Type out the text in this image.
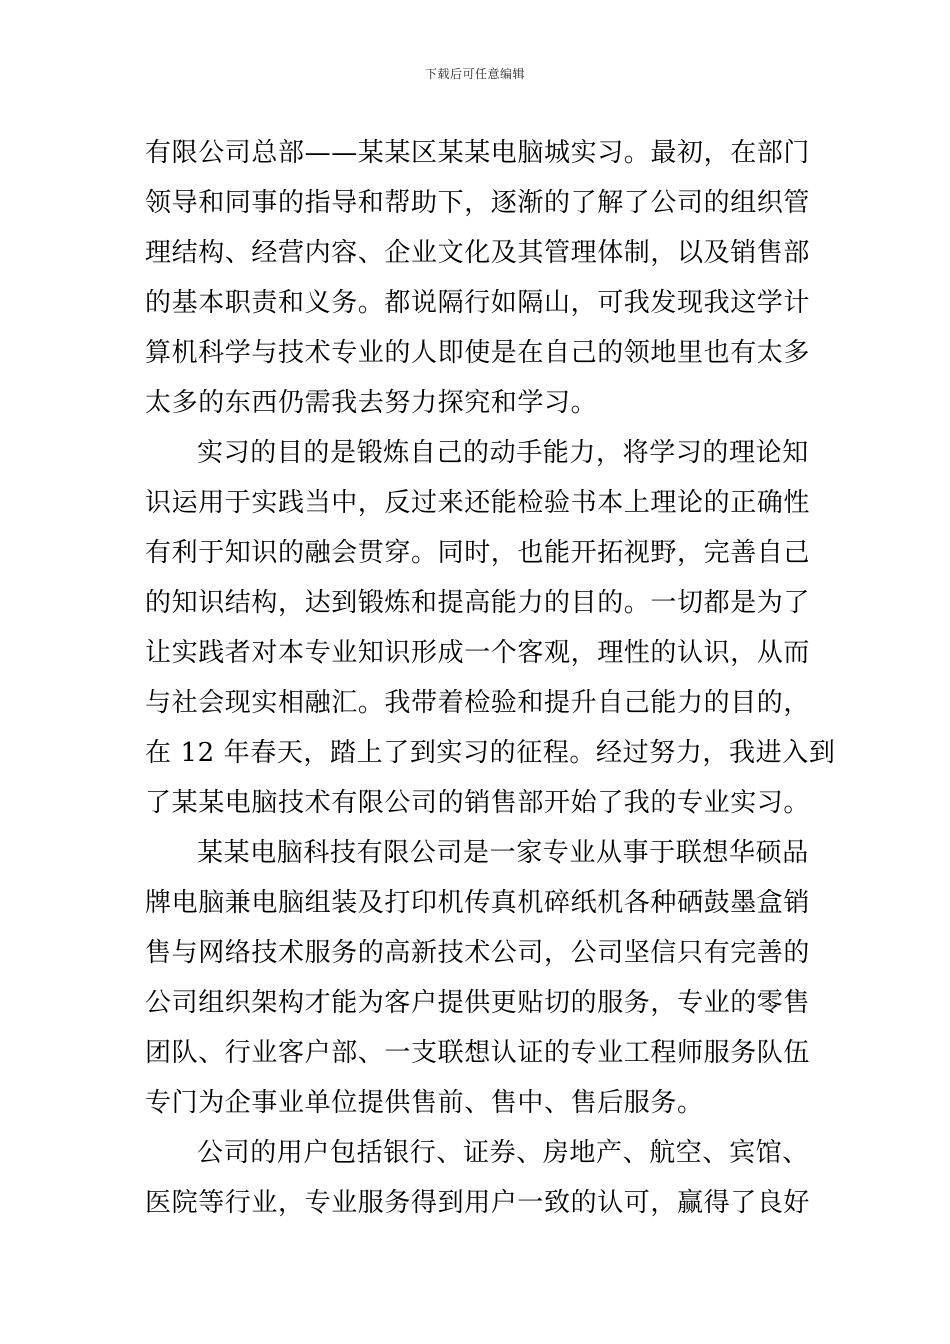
下载后可任意编辑
有限公司总部——某某区某某电脑城实习。最初，在部门
领导和同事的指导和帮助下，逐渐的了解了公司的组织管
理结构、经营内容、企业文化及其管理体制，以及销售部
的基本职责和义务。都说隔行如隔山，可我发现我这学计
算机科学与技术专业的人即使是在自己的领地里也有太多
太多的东西仍需我去努力探究和学习。
实习的目的是锻炼自己的动手能力，将学习的理论知
识运用于实践当中，反过来还能检验书本上理论的正确性
有利于知识的融会贯穿。同时，也能开拓视野，完善自己
的知识结构，达到锻炼和提高能力的目的。一切都是为了
让实践者对本专业知识形成一个客观，理性的认识，从而
与社会现实相融汇。我带着检验和提升自己能力的目的，
在 12 年春天，踏上了到实习的征程。经过努力，我进入到
了某某电脑技术有限公司的销售部开始了我的专业实习。
某某电脑科技有限公司是一家专业从事于联想华硕品
牌电脑兼电脑组装及打印机传真机碎纸机各种硒鼓墨盒销
售与网络技术服务的高新技术公司，公司坚信只有完善的
公司组织架构才能为客户提供更贴切的服务，专业的零售
团队、行业客户部、一支联想认证的专业工程师服务队伍
专门为企事业单位提供售前、售中、售后服务。
公司的用户包括银行、证券、房地产、航空、宾馆、
医院等行业，专业服务得到用户一致的认可，赢得了良好
